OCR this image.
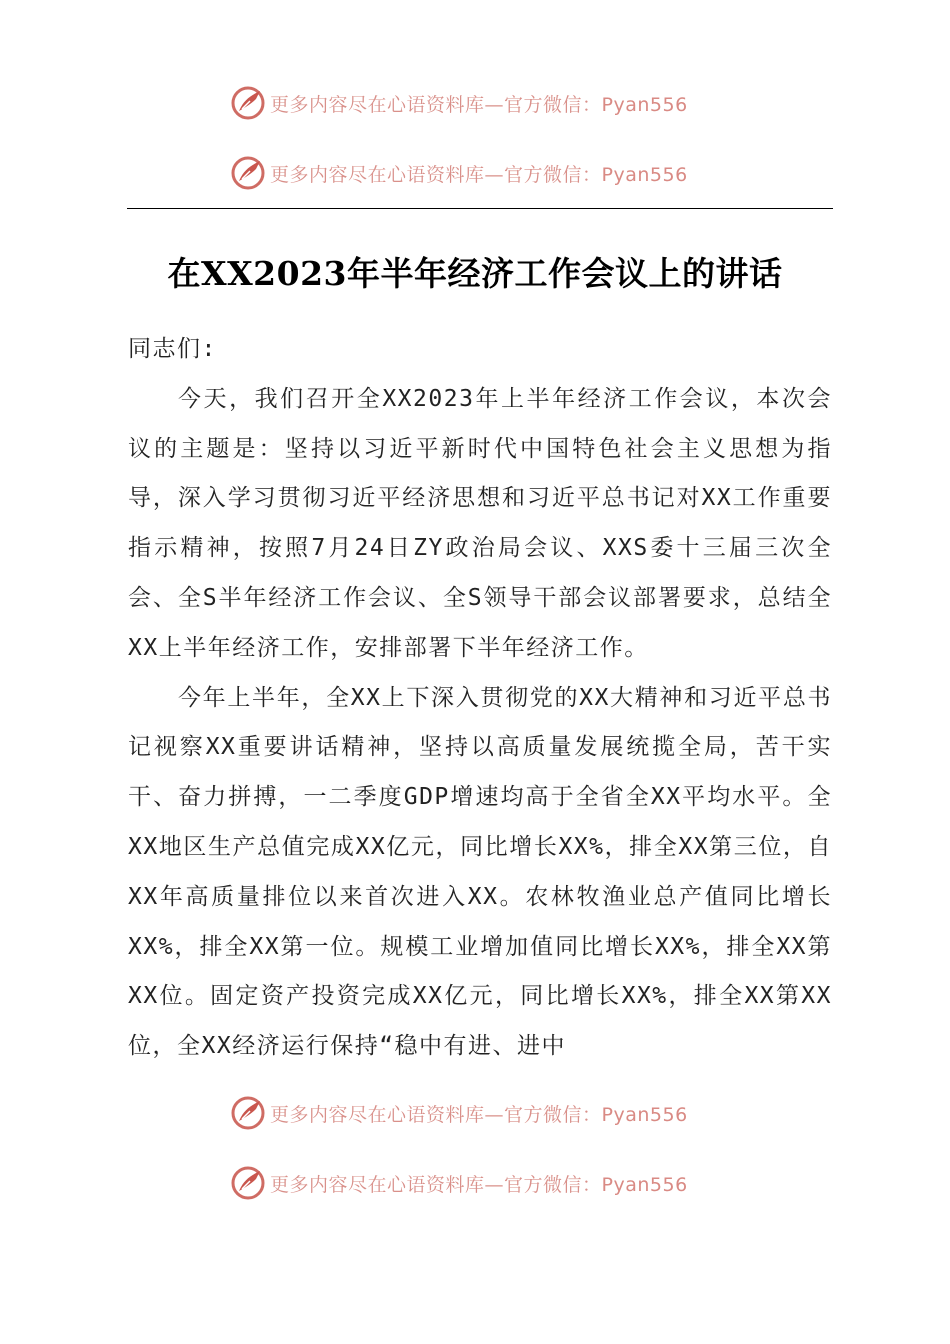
更多内容尽在心语资料库—官方微信：Pyan556
更多内容尽在心语资料库—官方微信：Pyan556
在XX2023年半年经济工作会议上的讲话

同志们:

今天，我们召开全XX2023年上半年经济工作会议，本次会议的主题是：坚持以习近平新时代中国特色社会主义思想为指导，深入学习贯彻习近平经济思想和习近平总书记对XX工作重要指示精神，按照7月24日ZY政治局会议、XXS委十三届三次全会、全S半年经济工作会议、全S领导干部会议部署要求，总结全XX上半年经济工作，安排部署下半年经济工作。

今年上半年，全XX上下深入贯彻党的XX大精神和习近平总书记视察XX重要讲话精神，坚持以高质量发展统揽全局，苦干实干、奋力拼搏，一二季度GDP增速均高于全省全XX平均水平。全XX地区生产总值完成XX亿元，同比增长XX%，排全XX第三位，自XX年高质量排位以来首次进入XX。农林牧渔业总产值同比增长XX%，排全XX第一位。规模工业增加值同比增长XX%，排全XX第XX位。固定资产投资完成XX亿元，同比增长XX%，排全XX第XX位，全XX经济运行保持“稳中有进、进中

更多内容尽在心语资料库—官方微信：Pyan556
更多内容尽在心语资料库—官方微信：Pyan556
